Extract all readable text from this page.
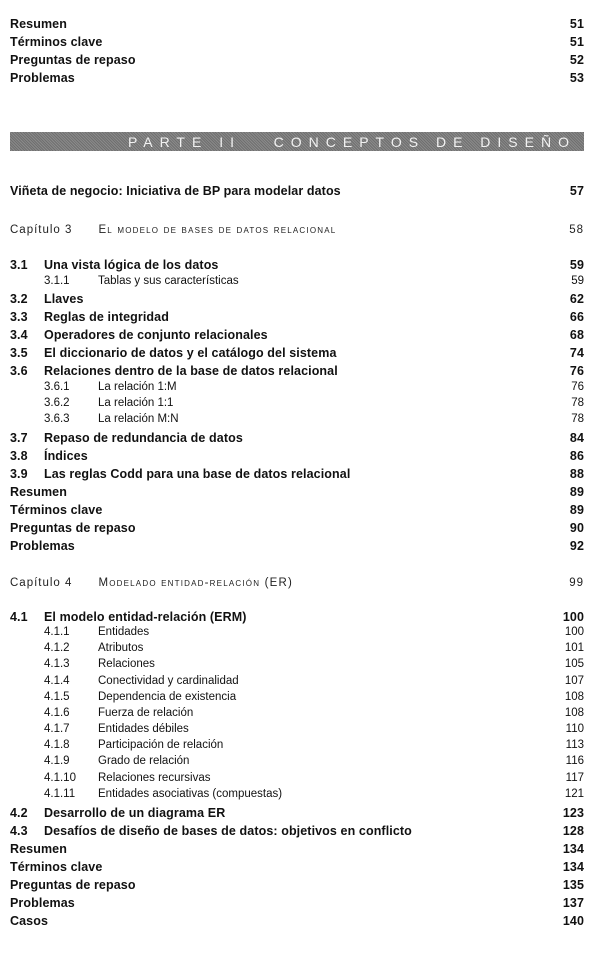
Resumen	51
Términos clave	51
Preguntas de repaso	52
Problemas	53
PARTE II   CONCEPTOS DE DISEÑO
Viñeta de negocio: Iniciativa de BP para modelar datos	57
Capítulo 3 El modelo de bases de datos relacional	58
3.1	Una vista lógica de los datos	59
3.1.1	Tablas y sus características	59
3.2	Llaves	62
3.3	Reglas de integridad	66
3.4	Operadores de conjunto relacionales	68
3.5	El diccionario de datos y el catálogo del sistema	74
3.6	Relaciones dentro de la base de datos relacional	76
3.6.1	La relación 1:M	76
3.6.2	La relación 1:1	78
3.6.3	La relación M:N	78
3.7	Repaso de redundancia de datos	84
3.8	Índices	86
3.9	Las reglas Codd para una base de datos relacional	88
Resumen	89
Términos clave	89
Preguntas de repaso	90
Problemas	92
Capítulo 4 Modelado entidad-relación (ER)	99
4.1	El modelo entidad-relación (ERM)	100
4.1.1	Entidades	100
4.1.2	Atributos	101
4.1.3	Relaciones	105
4.1.4	Conectividad y cardinalidad	107
4.1.5	Dependencia de existencia	108
4.1.6	Fuerza de relación	108
4.1.7	Entidades débiles	110
4.1.8	Participación de relación	113
4.1.9	Grado de relación	116
4.1.10	Relaciones recursivas	117
4.1.11	Entidades asociativas (compuestas)	121
4.2	Desarrollo de un diagrama ER	123
4.3	Desafíos de diseño de bases de datos: objetivos en conflicto	128
Resumen	134
Términos clave	134
Preguntas de repaso	135
Problemas	137
Casos	140
